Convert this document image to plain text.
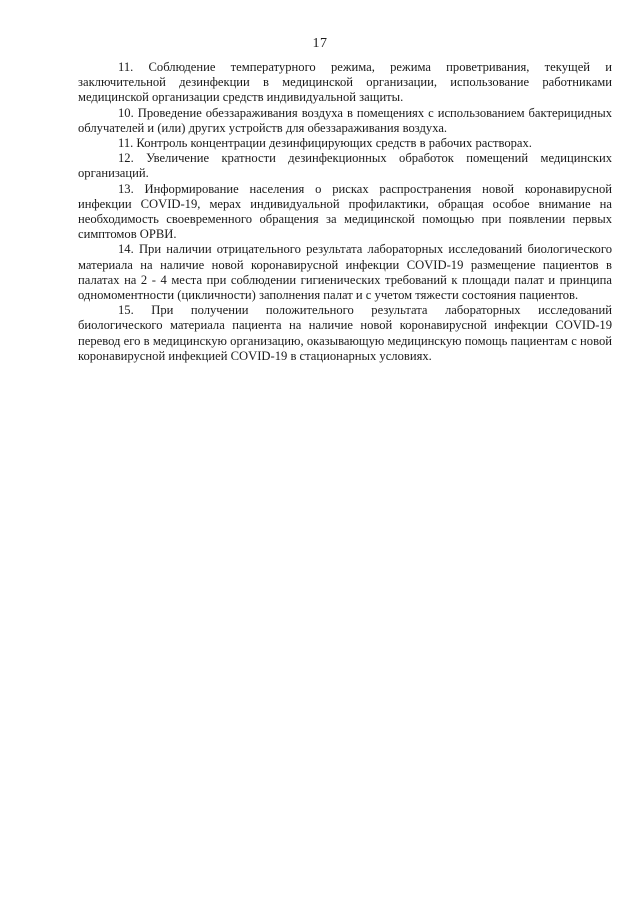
17

11. Соблюдение температурного режима, режима проветривания, текущей и заключительной дезинфекции в медицинской организации, использование работниками медицинской организации средств индивидуальной защиты.

10. Проведение обеззараживания воздуха в помещениях с использованием бактерицидных облучателей и (или) других устройств для обеззараживания воздуха.

11. Контроль концентрации дезинфицирующих средств в рабочих растворах.

12. Увеличение кратности дезинфекционных обработок помещений медицинских организаций.

13. Информирование населения о рисках распространения новой коронавирусной инфекции COVID-19, мерах индивидуальной профилактики, обращая особое внимание на необходимость своевременного обращения за медицинской помощью при появлении первых симптомов ОРВИ.

14. При наличии отрицательного результата лабораторных исследований биологического материала на наличие новой коронавирусной инфекции COVID-19 размещение пациентов в палатах на 2 - 4 места при соблюдении гигиенических требований к площади палат и принципа одномоментности (цикличности) заполнения палат и с учетом тяжести состояния пациентов.

15. При получении положительного результата лабораторных исследований биологического материала пациента на наличие новой коронавирусной инфекции COVID-19 перевод его в медицинскую организацию, оказывающую медицинскую помощь пациентам с новой коронавирусной инфекцией COVID-19 в стационарных условиях.
